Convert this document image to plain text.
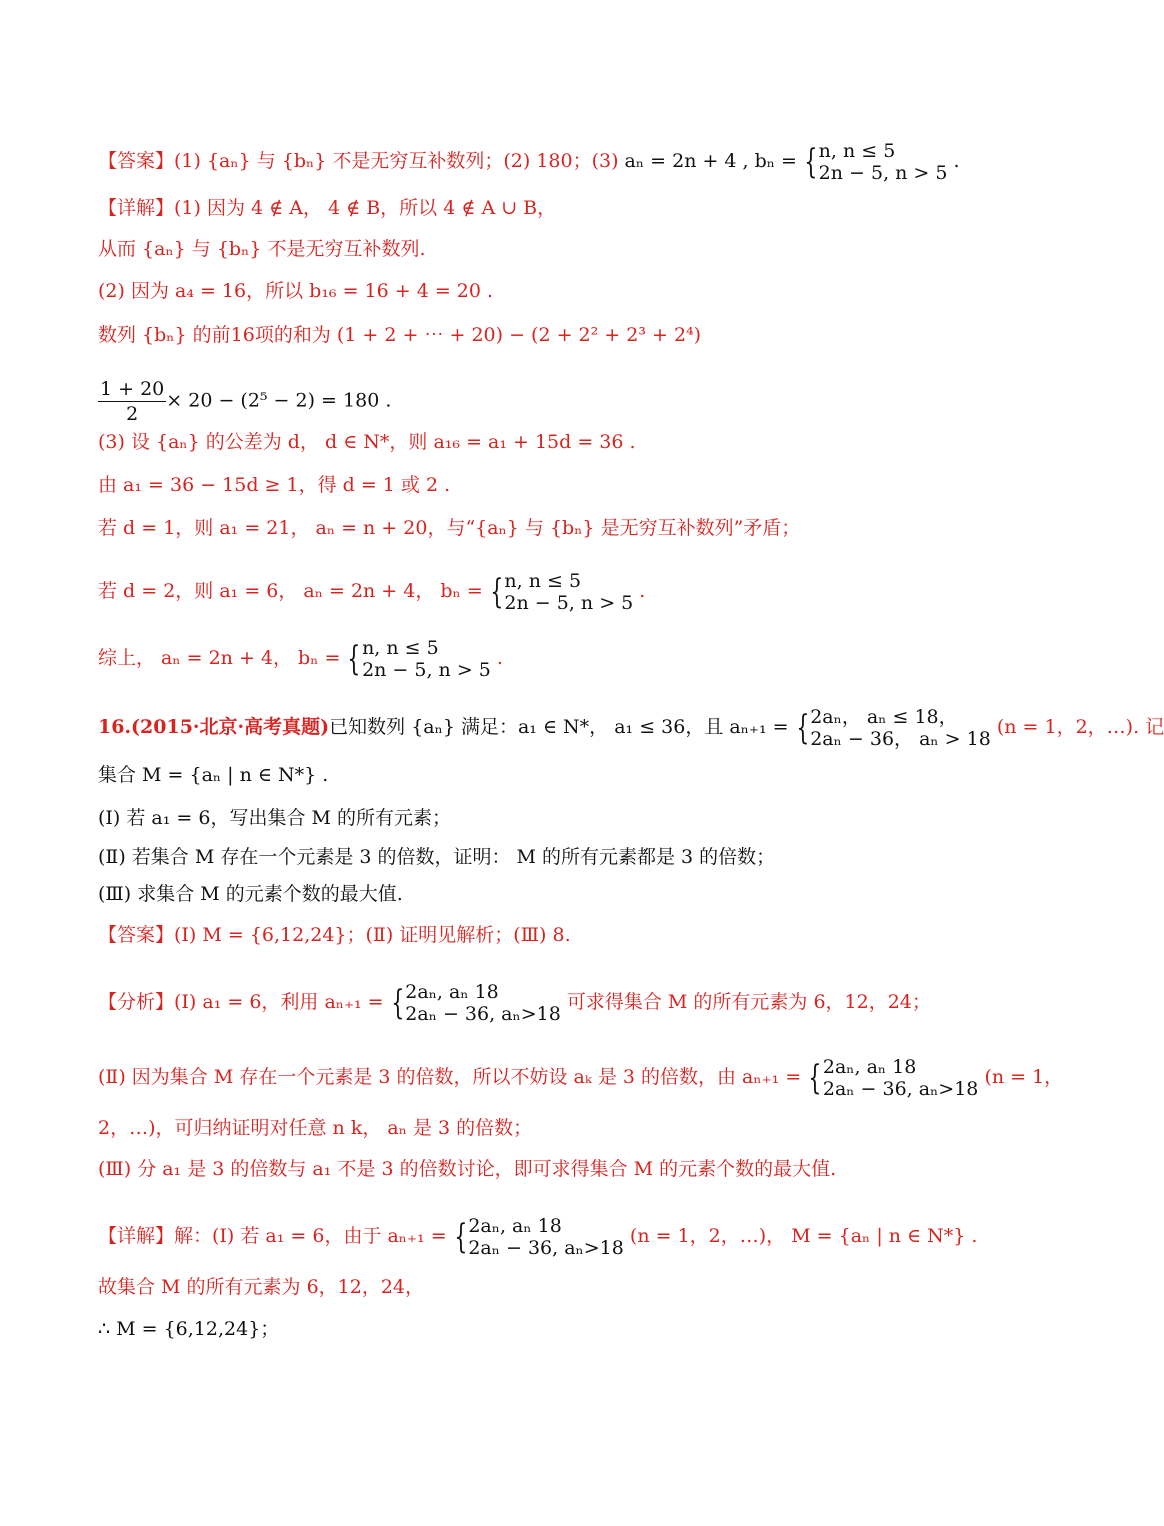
【答案】(1) {aₙ} 与 {bₙ} 不是无穷互补数列；(2) 180；(3) aₙ = 2n + 4 , bₙ = { n, n ≤ 5
2n − 5, n > 5
.
【详解】(1) 因为 4 ∉ A， 4 ∉ B，所以 4 ∉ A ∪ B，
从而 {aₙ} 与 {bₙ} 不是无穷互补数列.
(2) 因为 a₄ = 16，所以 b₁₆ = 16 + 4 = 20 .
数列 {bₙ} 的前16项的和为 (1 + 2 + ⋯ + 20) − (2 + 2² + 2³ + 2⁴)
$\frac{1 + 20}{2} \times 20 - (2^5 - 2) = 180$ .
(3) 设 {aₙ} 的公差为 d， d ∈ N*，则 a₁₆ = a₁ + 15d = 36 .
由 a₁ = 36 − 15d ≥ 1，得 d = 1 或 2 .
若 d = 1，则 a₁ = 21， aₙ = n + 20，与“{aₙ} 与 {bₙ} 是无穷互补数列”矛盾；
若 d = 2，则 a₁ = 6， aₙ = 2n + 4， bₙ = { n, n ≤ 5
2n − 5, n > 5
.
综上， aₙ = 2n + 4， bₙ = { n, n ≤ 5
2n − 5, n > 5
.
16.(2015·北京·高考真题)已知数列 {aₙ} 满足：a₁ ∈ N*， a₁ ≤ 36，且 aₙ₊₁ = { 2aₙ， aₙ ≤ 18，
2aₙ − 36， aₙ > 18
(n = 1，2，…). 记
集合 M = {aₙ | n ∈ N*} .
(Ⅰ) 若 a₁ = 6，写出集合 M 的所有元素；
(Ⅱ) 若集合 M 存在一个元素是 3 的倍数，证明： M 的所有元素都是 3 的倍数；
(Ⅲ) 求集合 M 的元素个数的最大值.
【答案】(Ⅰ) M = {6,12,24}；(Ⅱ) 证明见解析；(Ⅲ) 8.
【分析】(Ⅰ) a₁ = 6，利用 aₙ₊₁ = { 2aₙ, aₙ 18
2aₙ − 36, aₙ>18
可求得集合 M 的所有元素为 6，12，24；
(Ⅱ) 因为集合 M 存在一个元素是 3 的倍数，所以不妨设 aₖ 是 3 的倍数，由 aₙ₊₁ = { 2aₙ, aₙ 18
2aₙ − 36, aₙ>18
(n = 1，
2，…)，可归纳证明对任意 n k， aₙ 是 3 的倍数；
(Ⅲ) 分 a₁ 是 3 的倍数与 a₁ 不是 3 的倍数讨论，即可求得集合 M 的元素个数的最大值.
【详解】解：(Ⅰ) 若 a₁ = 6，由于 aₙ₊₁ = { 2aₙ, aₙ 18
2aₙ − 36, aₙ>18
(n = 1，2，…)， M = {aₙ | n ∈ N*} .
故集合 M 的所有元素为 6，12，24，
∴ M = {6,12,24}；
